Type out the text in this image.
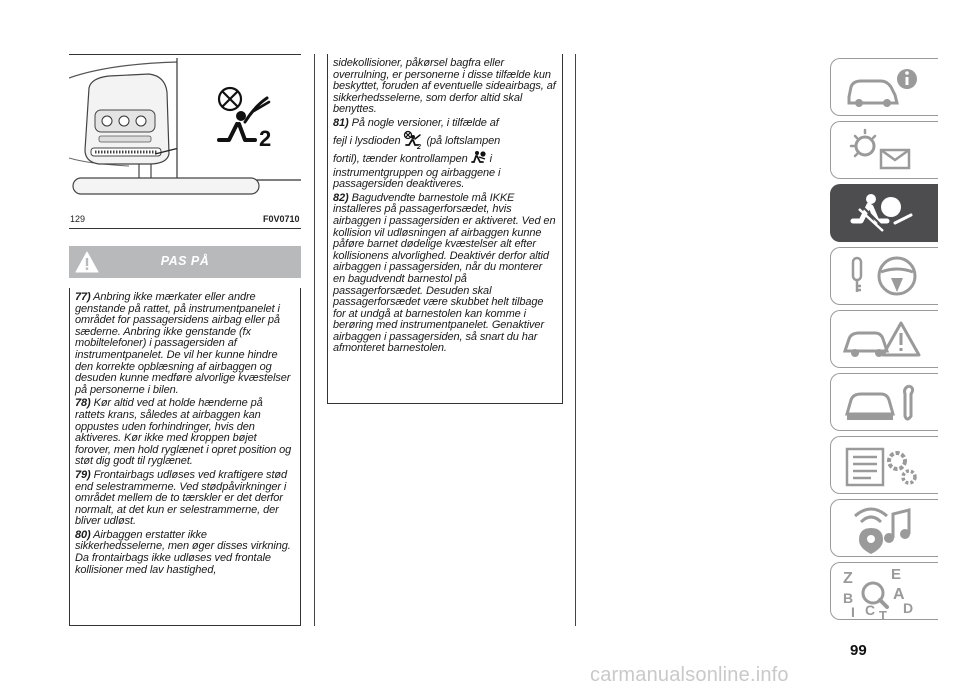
2
129	F0V0710
PAS PÅ

77) Anbring ikke mærkater eller andre genstande på rattet, på instrumentpanelet i området for passagersidens airbag eller på sæderne. Anbring ikke genstande (fx mobiltelefoner) i passagersiden af instrumentpanelet. De vil her kunne hindre den korrekte opblæsning af airbaggen og desuden kunne medføre alvorlige kvæstelser på personerne i bilen.

78) Kør altid ved at holde hænderne på rattets krans, således at airbaggen kan oppustes uden forhindringer, hvis den aktiveres. Kør ikke med kroppen bøjet forover, men hold ryglænet i opret position og støt dig godt til ryglænet.

79) Frontairbags udløses ved kraftigere stød end selestrammerne. Ved stødpåvirkninger i området mellem de to tærskler er det derfor normalt, at det kun er selestrammerne, der bliver udløst.

80) Airbaggen erstatter ikke sikkerhedsselerne, men øger disses virkning. Da frontairbags ikke udløses ved frontale kollisioner med lav hastighed,

sidekollisioner, påkørsel bagfra eller overrulning, er personerne i disse tilfælde kun beskyttet, foruden af eventuelle sideairbags, af sikkerhedsselerne, som derfor altid skal benyttes.

81) På nogle versioner, i tilfælde af
fejl i lysdioden
2
(på loftslampen
fortil), tænder kontrollampen i
instrumentgruppen og airbaggene i passagersiden deaktiveres.

82) Bagudvendte barnestole må IKKE installeres på passagerforsædet, hvis airbaggen i passagersiden er aktiveret. Ved en kollision vil udløsningen af airbaggen kunne påføre barnet dødelige kvæstelser alt efter kollisionens alvorlighed. Deaktivér derfor altid airbaggen i passagersiden, når du monterer en bagudvendt barnestol på passagerforsædet. Desuden skal passagerforsædet være skubbet helt tilbage for at undgå at barnestolen kan komme i berøring med instrumentpanelet. Genaktiver airbaggen i passagersiden, så snart du har afmonteret barnestolen.

Z	E
B A
I C T D
99
carmanualsonline.info
